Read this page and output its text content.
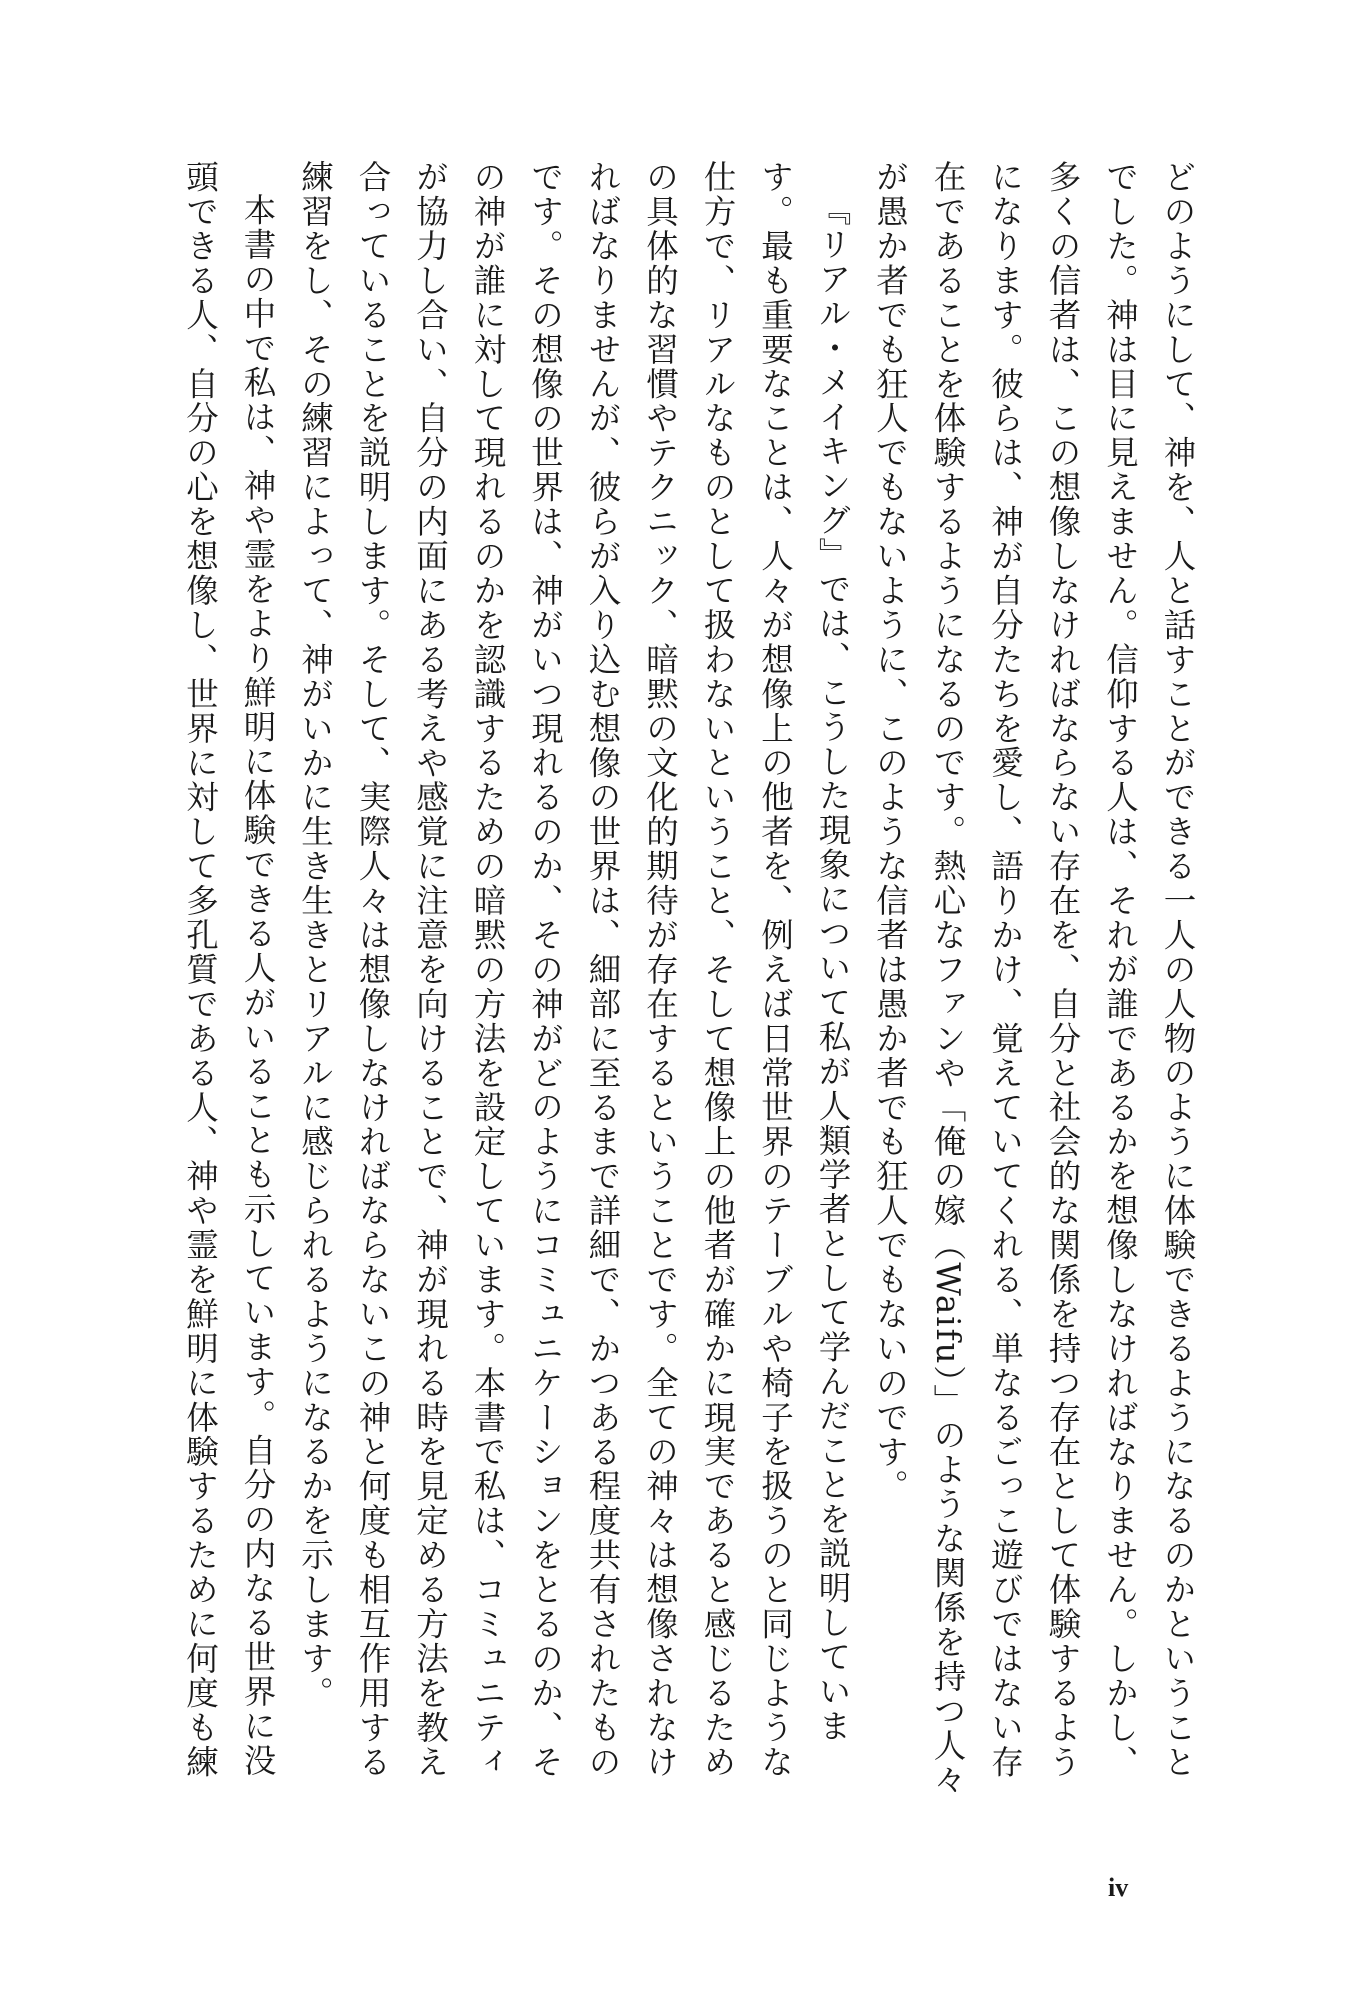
どのようにして、神を、人と話すことができる一人の人物のように体験できるようになるのかということでした。神は目に見えません。信仰する人は、それが誰であるかを想像しなければなりません。しかし、多くの信者は、この想像しなければならない存在を、自分と社会的な関係を持つ存在として体験するようになります。彼らは、神が自分たちを愛し、語りかけ、覚えていてくれる、単なるごっこ遊びではない存在であることを体験するようになるのです。熱心なファンや「俺の嫁（Waifu）」のような関係を持つ人々が愚か者でも狂人でもないように、このような信者は愚か者でも狂人でもないのです。

『リアル・メイキング』では、こうした現象について私が人類学者として学んだことを説明しています。最も重要なことは、人々が想像上の他者を、例えば日常世界のテーブルや椅子を扱うのと同じような仕方で、リアルなものとして扱わないということ、そして想像上の他者が確かに現実であると感じるための具体的な習慣やテクニック、暗黙の文化的期待が存在するということです。全ての神々は想像されなければなりませんが、彼らが入り込む想像の世界は、細部に至るまで詳細で、かつある程度共有されたものです。その想像の世界は、神がいつ現れるのか、その神がどのようにコミュニケーションをとるのか、その神が誰に対して現れるのかを認識するための暗黙の方法を設定しています。本書で私は、コミュニティが協力し合い、自分の内面にある考えや感覚に注意を向けることで、神が現れる時を見定める方法を教え合っていることを説明します。そして、実際人々は想像しなければならないこの神と何度も相互作用する練習をし、その練習によって、神がいかに生き生きとリアルに感じられるようになるかを示します。

本書の中で私は、神や霊をより鮮明に体験できる人がいることも示しています。自分の内なる世界に没頭できる人、自分の心を想像し、世界に対して多孔質である人、神や霊を鮮明に体験するために何度も練

iv
